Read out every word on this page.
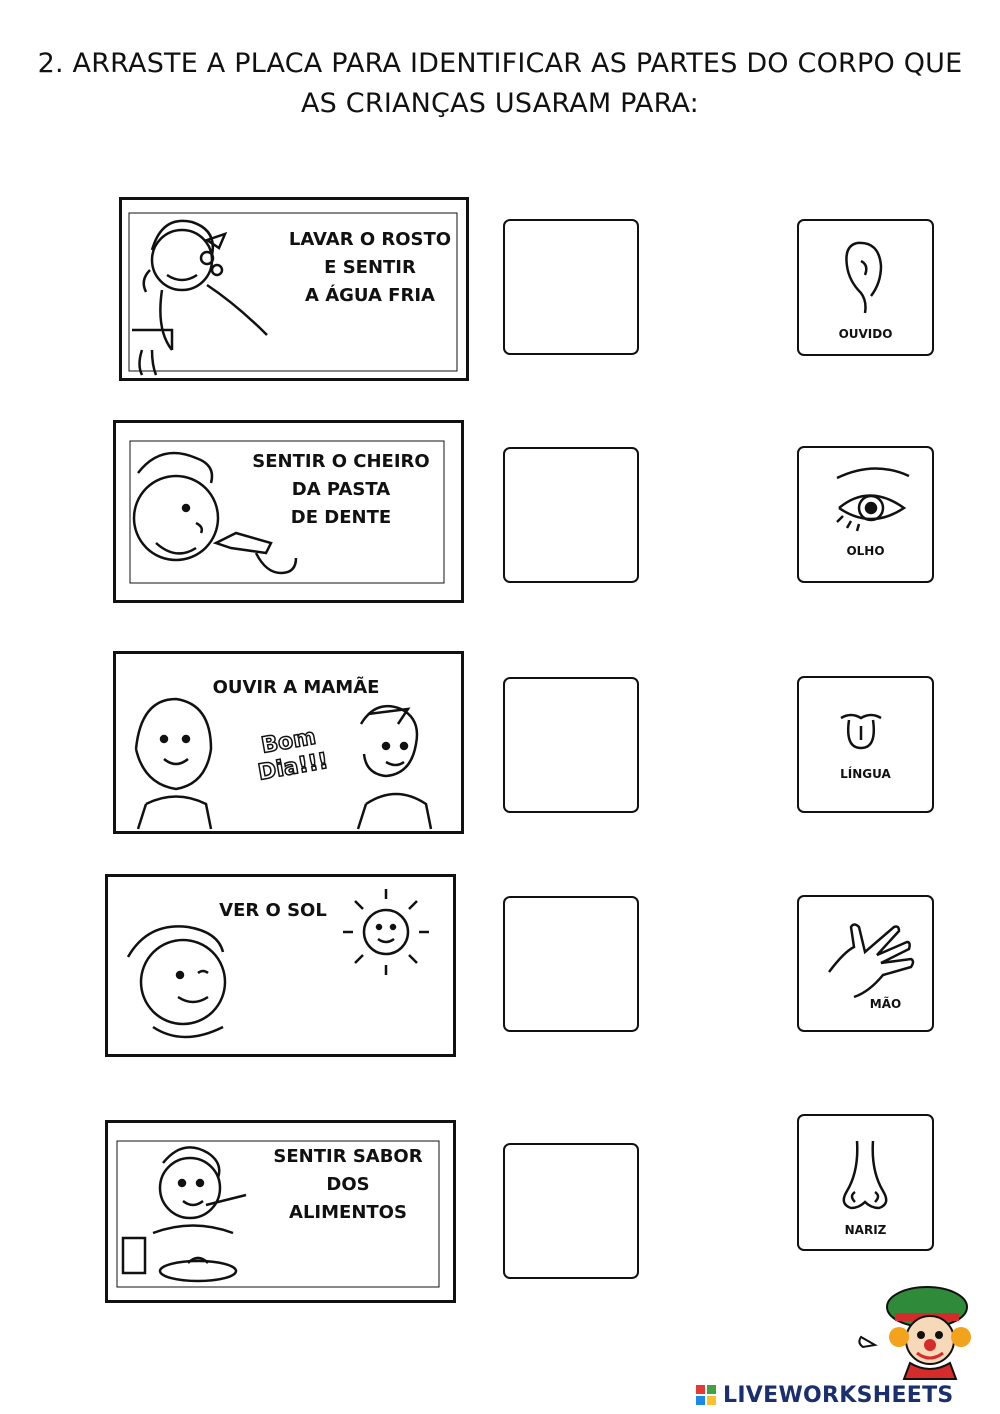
2. ARRASTE A PLACA PARA IDENTIFICAR AS PARTES DO CORPO QUE
AS CRIANÇAS USARAM PARA:
LAVAR O ROSTO
E SENTIR
A ÁGUA FRIA
SENTIR O CHEIRO
DA PASTA
DE DENTE
OUVIR A MAMÃE
Bom
Dia!!!
VER O SOL
SENTIR SABOR
DOS
ALIMENTOS
OUVIDO
OLHO
LÍNGUA
MÃO
NARIZ
LIVEWORKSHEETS
